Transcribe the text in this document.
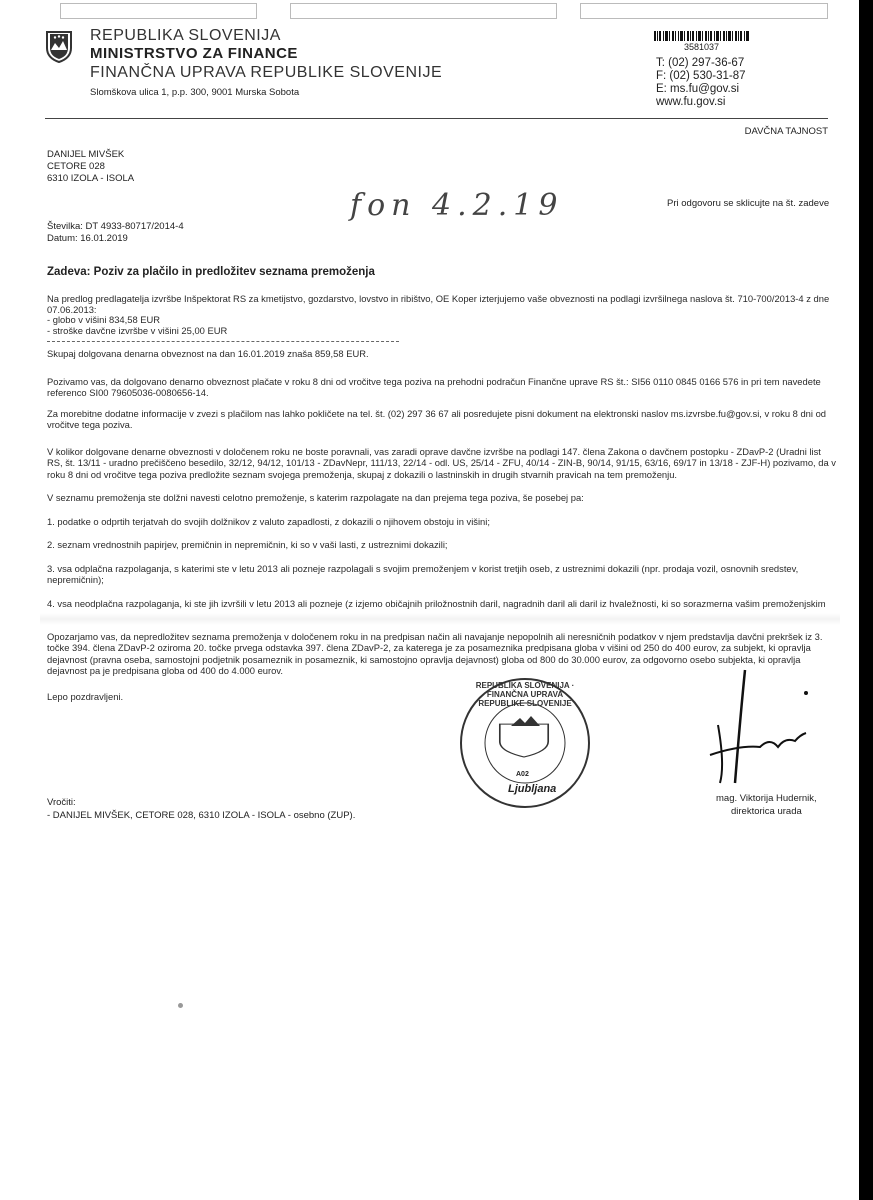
REPUBLIKA SLOVENIJA
MINISTRSTVO ZA FINANCE
FINANČNA UPRAVA REPUBLIKE SLOVENIJE
Slomškova ulica 1, p.p. 300, 9001 Murska Sobota
3581037
T: (02) 297-36-67
F: (02) 530-31-87
E: ms.fu@gov.si
www.fu.gov.si
DAVČNA TAJNOST
DANIJEL MIVŠEK
CETORE 028
6310 IZOLA - ISOLA
fon 4.2.19	Pri odgovoru se sklicujte na št. zadeve
Številka: DT 4933-80717/2014-4
Datum: 16.01.2019
Zadeva: Poziv za plačilo in predložitev seznama premoženja
Na predlog predlagatelja izvršbe Inšpektorat RS za kmetijstvo, gozdarstvo, lovstvo in ribištvo, OE Koper izterjujemo vaše obveznosti na podlagi izvršilnega naslova št. 710-700/2013-4 z dne 07.06.2013:
- globo v višini 834,58 EUR
- stroške davčne izvršbe v višini 25,00 EUR
Skupaj dolgovana denarna obveznost na dan 16.01.2019 znaša 859,58 EUR.
Pozivamo vas, da dolgovano denarno obveznost plačate v roku 8 dni od vročitve tega poziva na prehodni podračun Finančne uprave RS št.: SI56 0110 0845 0166 576 in pri tem navedete referenco SI00 79605036-0080656-14.
Za morebitne dodatne informacije v zvezi s plačilom nas lahko pokličete na tel. št. (02) 297 36 67 ali posredujete pisni dokument na elektronski naslov ms.izvrsbe.fu@gov.si, v roku 8 dni od vročitve tega poziva.
V kolikor dolgovane denarne obveznosti v določenem roku ne boste poravnali, vas zaradi oprave davčne izvršbe na podlagi 147. člena Zakona o davčnem postopku - ZDavP-2 (Uradni list RS, št. 13/11 - uradno prečiščeno besedilo, 32/12, 94/12, 101/13 - ZDavNepr, 111/13, 22/14 - odl. US, 25/14 - ZFU, 40/14 - ZIN-B, 90/14, 91/15, 63/16, 69/17 in 13/18 - ZJF-H) pozivamo, da v roku 8 dni od vročitve tega poziva predložite seznam svojega premoženja, skupaj z dokazili o lastninskih in drugih stvarnih pravicah na tem premoženju.
V seznamu premoženja ste dolžni navesti celotno premoženje, s katerim razpolagate na dan prejema tega poziva, še posebej pa:
1. podatke o odprtih terjatvah do svojih dolžnikov z valuto zapadlosti, z dokazili o njihovem obstoju in višini;
2. seznam vrednostnih papirjev, premičnin in nepremičnin, ki so v vaši lasti, z ustreznimi dokazili;
3. vsa odplačna razpolaganja, s katerimi ste v letu 2013 ali pozneje razpolagali s svojim premoženjem v korist tretjih oseb, z ustreznimi dokazili (npr. prodaja vozil, osnovnih sredstev, nepremičnin);
4. vsa neodplačna razpolaganja, ki ste jih izvršili v letu 2013 ali pozneje (z izjemo običajnih priložnostnih daril, nagradnih daril ali daril iz hvaležnosti, ki so sorazmerna vašim premoženjskim
Opozarjamo vas, da nepredložitev seznama premoženja v določenem roku in na predpisan način ali navajanje nepopolnih ali neresničnih podatkov v njem predstavlja davčni prekršek iz 3. točke 394. člena ZDavP-2 oziroma 20. točke prvega odstavka 397. člena ZDavP-2, za katerega je za posameznika predpisana globa v višini od 250 do 400 eurov, za subjekt, ki opravlja dejavnost (pravna oseba, samostojni podjetnik posameznik in posameznik, ki samostojno opravlja dejavnost) globa od 800 do 30.000 eurov, za odgovorno osebo subjekta, ki opravlja dejavnost pa je predpisana globa od 400 do 4.000 eurov.
Lepo pozdravljeni.
REPUBLIKA SLOVENIJA · FINANČNA UPRAVA REPUBLIKE SLOVENIJE
A02
Ljubljana
mag. Viktorija Hudernik,
direktorica urada
Vročiti:
- DANIJEL MIVŠEK, CETORE 028, 6310 IZOLA - ISOLA - osebno (ZUP).
